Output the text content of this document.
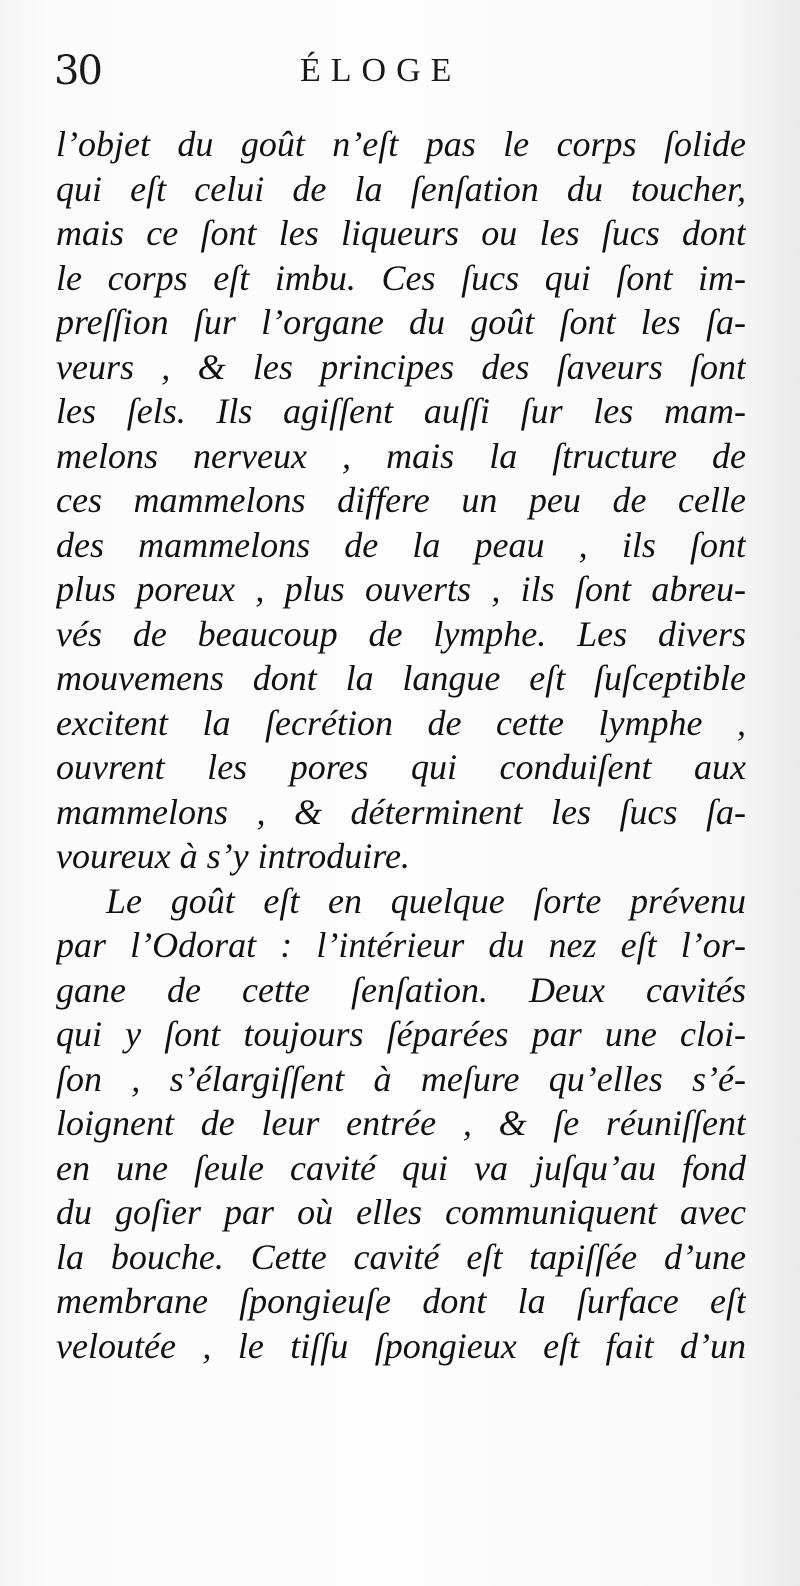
30	ÉLOGE
l’objet du goût n’eſt pas le corps ſolide
qui eſt celui de la ſenſation du toucher,
mais ce ſont les liqueurs ou les ſucs dont
le corps eſt imbu. Ces ſucs qui ſont im-
preſſion ſur l’organe du goût ſont les ſa-
veurs , & les principes des ſaveurs ſont
les ſels. Ils agiſſent auſſi ſur les mam-
melons nerveux , mais la ſtructure de
ces mammelons differe un peu de celle
des mammelons de la peau , ils ſont
plus poreux , plus ouverts , ils ſont abreu-
vés de beaucoup de lymphe. Les divers
mouvemens dont la langue eſt ſuſceptible
excitent la ſecrétion de cette lymphe ,
ouvrent les pores qui conduiſent aux
mammelons , & déterminent les ſucs ſa-
voureux à s’y introduire.
Le goût eſt en quelque ſorte prévenu
par l’Odorat : l’intérieur du nez eſt l’or-
gane de cette ſenſation. Deux cavités
qui y ſont toujours ſéparées par une cloi-
ſon , s’élargiſſent à meſure qu’elles s’é-
loignent de leur entrée , & ſe réuniſſent
en une ſeule cavité qui va juſqu’au fond
du goſier par où elles communiquent avec
la bouche. Cette cavité eſt tapiſſée d’une
membrane ſpongieuſe dont la ſurface eſt
veloutée , le tiſſu ſpongieux eſt fait d’un
